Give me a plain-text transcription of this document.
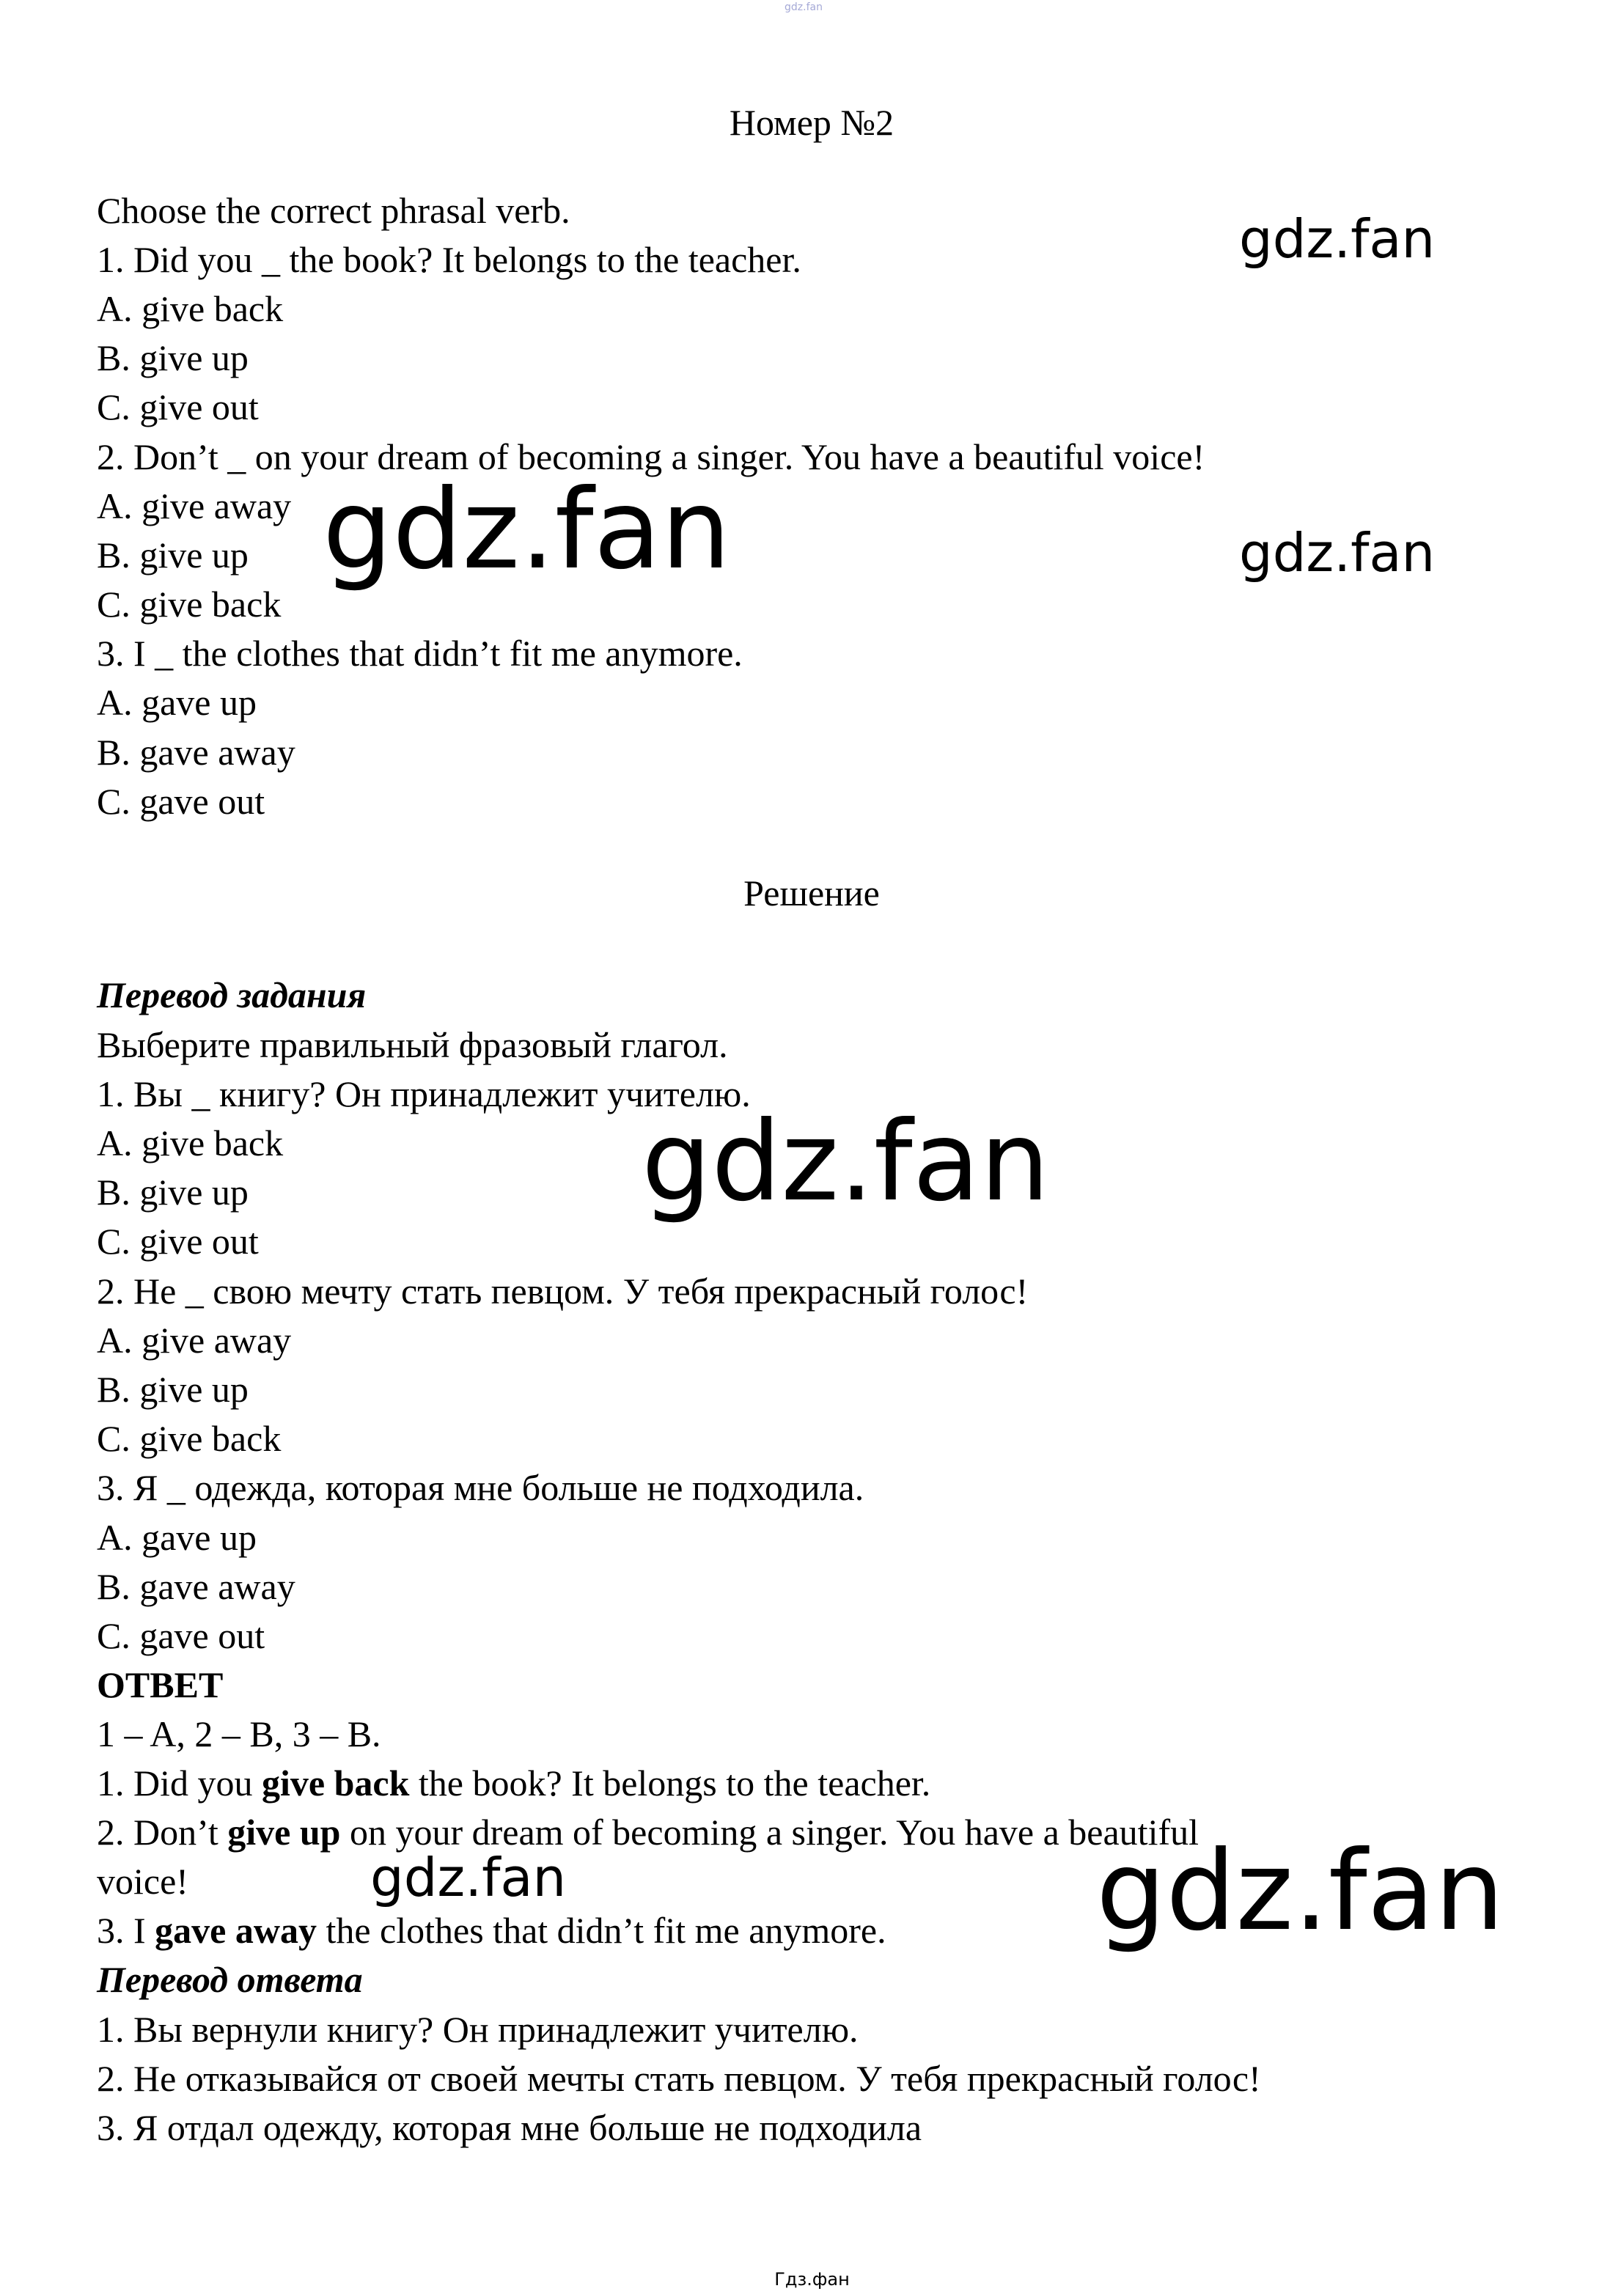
gdz.fan
Номер №2
Choose the correct phrasal verb.
1. Did you _ the book? It belongs to the teacher.
A. give back
B. give up
C. give out
2. Don’t _ on your dream of becoming a singer. You have a beautiful voice!
A. give away
B. give up
C. give back
3. I _ the clothes that didn’t fit me anymore.
A. gave up
B. gave away
C. gave out
Решение
Перевод задания
Выберите правильный фразовый глагол.
1. Вы _ книгу? Он принадлежит учителю.
A. give back
B. give up
C. give out
2. Не _ свою мечту стать певцом. У тебя прекрасный голос!
A. give away
B. give up
C. give back
3. Я _ одежда, которая мне больше не подходила.
A. gave up
B. gave away
C. gave out
ОТВЕТ
1 – A, 2 – B, 3 – B.
1. Did you give back the book? It belongs to the teacher.
2. Don’t give up on your dream of becoming a singer. You have a beautiful
voice!
3. I gave away the clothes that didn’t fit me anymore.
Перевод ответа
1. Вы вернули книгу? Он принадлежит учителю.
2. Не отказывайся от своей мечты стать певцом. У тебя прекрасный голос!
3. Я отдал одежду, которая мне больше не подходила
gdz.fan
gdz.fan	gdz.fan
gdz.fan
gdz.fan	gdz.fan
Гдз.фан
